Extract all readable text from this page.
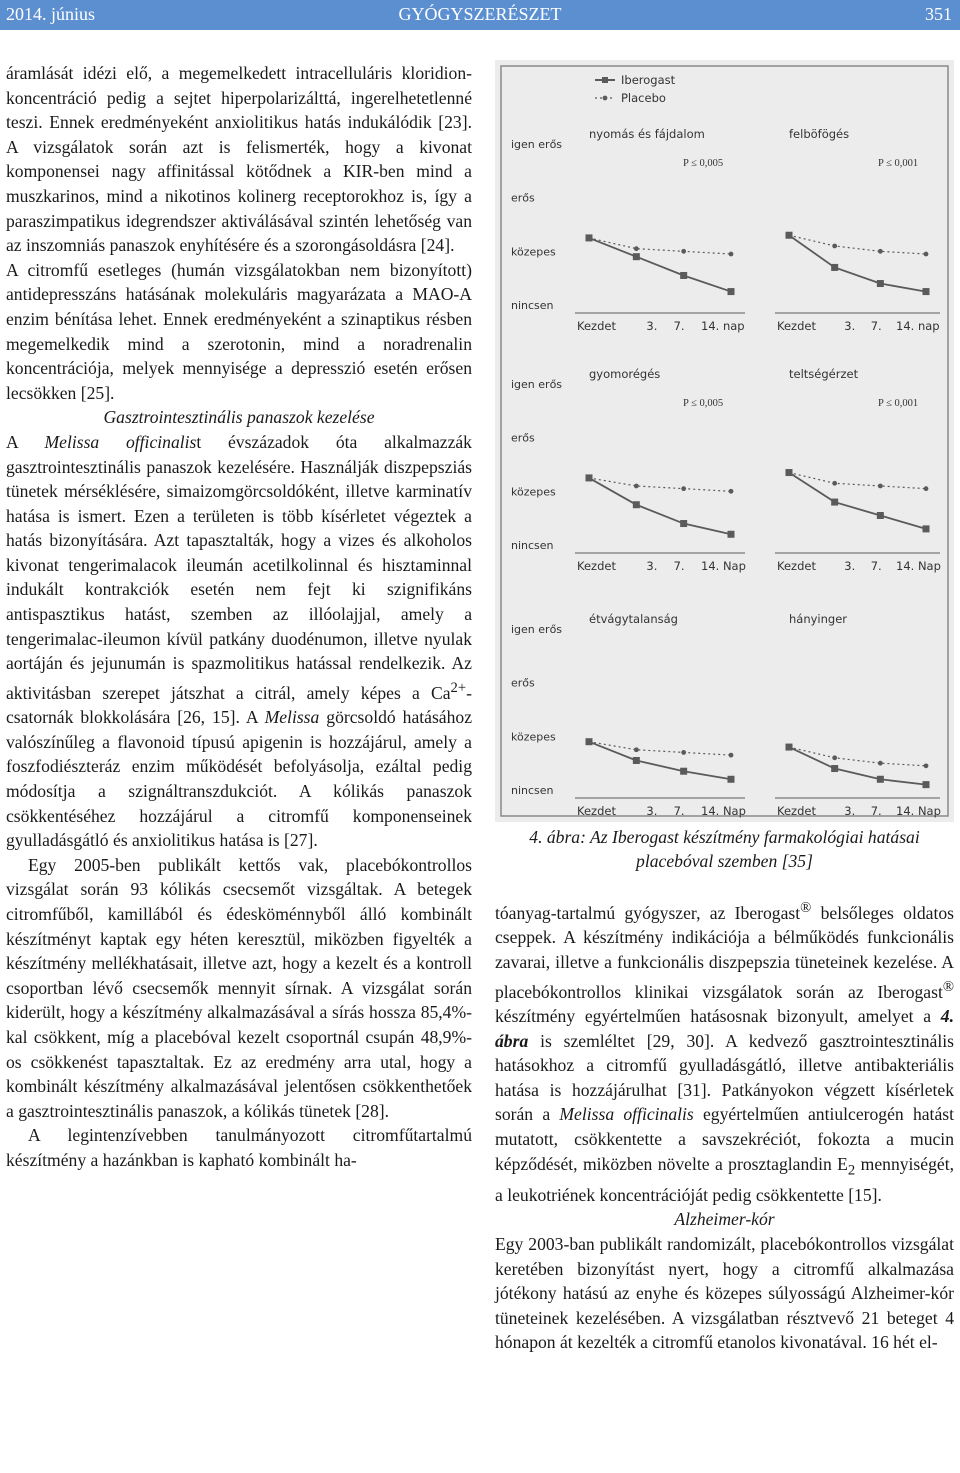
2014. június	GYÓGYSZERÉSZET	351

áramlását idézi elő, a megemelkedett intracelluláris kloridion-koncentráció pedig a sejtet hiperpolarizálttá, ingerelhetetlenné teszi. Ennek eredményeként anxiolitikus hatás indukálódik [23]. A vizsgálatok során azt is felismerték, hogy a kivonat komponensei nagy affinitással kötődnek a KIR-ben mind a muszkarinos, mind a nikotinos kolinerg receptorokhoz is, így a paraszimpatikus idegrendszer aktiválásával szintén lehetőség van az inszomniás panaszok enyhítésére és a szorongásoldásra [24].

A citromfű esetleges (humán vizsgálatokban nem bizonyított) antidepresszáns hatásának molekuláris magyarázata a MAO-A enzim bénítása lehet. Ennek eredményeként a szinaptikus résben megemelkedik mind a szerotonin, mind a noradrenalin koncentrációja, melyek mennyisége a depresszió esetén erősen lecsökken [25].

Gasztrointesztinális panaszok kezelése

A Melissa officinalist évszázadok óta alkalmazzák gasztrointesztinális panaszok kezelésére. Használják diszpepsziás tünetek mérséklésére, simaizomgörcsoldóként, illetve karminatív hatása is ismert. Ezen a területen is több kísérletet végeztek a hatás bizonyítására. Azt tapasztalták, hogy a vizes és alkoholos kivonat tengerimalacok ileumán acetilkolinnal és hisztaminnal indukált kontrakciók esetén nem fejt ki szignifikáns antispasztikus hatást, szemben az illóolajjal, amely a tengerimalac-ileumon kívül patkány duodénumon, illetve nyulak aortáján és jejunumán is spazmolitikus hatással rendelkezik. Az aktivitásban szerepet játszhat a citrál, amely képes a $Ca^{2+}$-csatornák blokkolására [26, 15]. A Melissa görcsoldó hatásához valószínűleg a flavonoid típusú apigenin is hozzájárul, amely a foszfodiészteráz enzim működését befolyásolja, ezáltal pedig módosítja a szignáltranszdukciót. A kólikás panaszok csökkentéséhez hozzájárul a citromfű komponenseinek gyulladásgátló és anxiolitikus hatása is [27].

Egy 2005-ben publikált kettős vak, placebókontrollos vizsgálat során 93 kólikás csecsemőt vizsgáltak. A betegek citromfűből, kamillából és édesköménnyből álló kombinált készítményt kaptak egy héten keresztül, miközben figyelték a készítmény mellékhatásait, illetve azt, hogy a kezelt és a kontroll csoportban lévő csecsemők mennyit sírnak. A vizsgálat során kiderült, hogy a készítmény alkalmazásával a sírás hossza 85,4%-kal csökkent, míg a placebóval kezelt csoportnál csupán 48,9%-os csökkenést tapasztaltak. Ez az eredmény arra utal, hogy a kombinált készítmény alkalmazásával jelentősen csökkenthetőek a gasztrointesztinális panaszok, a kólikás tünetek [28].

A legintenzívebben tanulmányozott citromfűtartalmú készítmény a hazánkban is kapható kombinált ha-

nincsen
közepes
erős
igen erős
nyomás és fájdalom
P ≤ 0,005
Kezdet	3. 7. 14. nap
Iberogast
Placebo
felböfögés
P ≤ 0,001
Kezdet 3. 7. 14. nap
nincsen
közepes
erős
igen erős
gyomorégés
P ≤ 0,005
Kezdet	3. 7. 14. Nap
teltségérzet
P ≤ 0,001
Kezdet 3. 7. 14. Nap
nincsen
közepes
erős
igen erős
étvágytalanság
Kezdet	3. 7. 14. Nap
hányinger
Kezdet 3. 7. 14. Nap
4. ábra: Az Iberogast készítmény farmakológiai hatásai
placebóval szemben [35]

tóanyag-tartalmú gyógyszer, az Iberogast® belsőleges oldatos cseppek. A készítmény indikációja a bélműködés funkcionális zavarai, illetve a funkcionális diszpepszia tüneteinek kezelése. A placebókontrollos klinikai vizsgálatok során az Iberogast® készítmény egyértelműen hatásosnak bizonyult, amelyet a 4. ábra is szemléltet [29, 30]. A kedvező gasztrointesztinális hatásokhoz a citromfű gyulladásgátló, illetve antibakteriális hatása is hozzájárulhat [31]. Patkányokon végzett kísérletek során a Melissa officinalis egyértelműen antiulcerogén hatást mutatott, csökkentette a savszekréciót, fokozta a mucin képződését, miközben növelte a prosztaglandin $E_2$ mennyiségét, a leukotriének koncentrációját pedig csökkentette [15].

Alzheimer-kór

Egy 2003-ban publikált randomizált, placebókontrollos vizsgálat keretében bizonyítást nyert, hogy a citromfű alkalmazása jótékony hatású az enyhe és közepes súlyosságú Alzheimer-kór tüneteinek kezelésében. A vizsgálatban résztvevő 21 beteget 4 hónapon át kezelték a citromfű etanolos kivonatával. 16 hét el-
